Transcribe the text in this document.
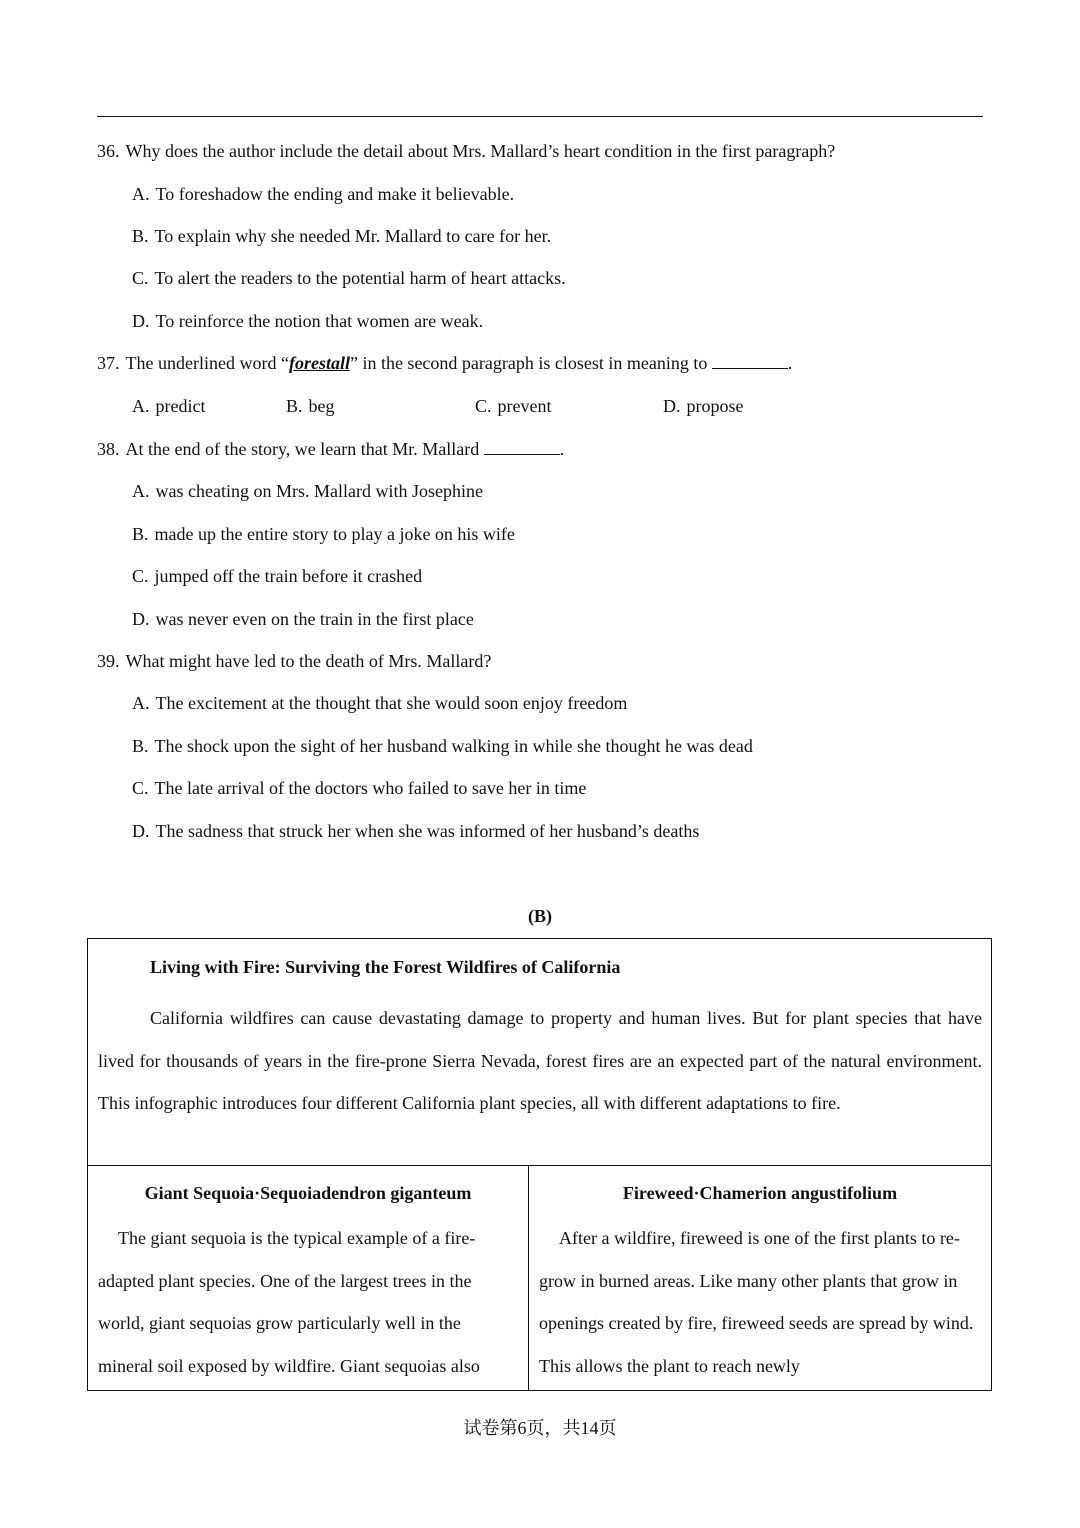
36. Why does the author include the detail about Mrs. Mallard’s heart condition in the first paragraph?
A. To foreshadow the ending and make it believable.
B. To explain why she needed Mr. Mallard to care for her.
C. To alert the readers to the potential harm of heart attacks.
D. To reinforce the notion that women are weak.
37. The underlined word “forestall” in the second paragraph is closest in meaning to	.
A. predict	B. beg	C. prevent	D. propose
38. At the end of the story, we learn that Mr. Mallard	.
A. was cheating on Mrs. Mallard with Josephine
B. made up the entire story to play a joke on his wife
C. jumped off the train before it crashed
D. was never even on the train in the first place
39. What might have led to the death of Mrs. Mallard?
A. The excitement at the thought that she would soon enjoy freedom
B. The shock upon the sight of her husband walking in while she thought he was dead
C. The late arrival of the doctors who failed to save her in time
D. The sadness that struck her when she was informed of her husband’s deaths
(B)
Living with Fire: Surviving the Forest Wildfires of California
California wildfires can cause devastating damage to property and human lives. But for plant species that have lived for thousands of years in the fire-prone Sierra Nevada, forest fires are an expected part of the natural environment. This infographic introduces four different California plant species, all with different adaptations to fire.
Giant Sequoia·Sequoiadendron giganteum
The giant sequoia is the typical example of a fire-adapted plant species. One of the largest trees in the world, giant sequoias grow particularly well in the mineral soil exposed by wildfire. Giant sequoias also
Fireweed·Chamerion angustifolium
After a wildfire, fireweed is one of the first plants to re-grow in burned areas. Like many other plants that grow in openings created by fire, fireweed seeds are spread by wind. This allows the plant to reach newly
试卷第6页，共14页
